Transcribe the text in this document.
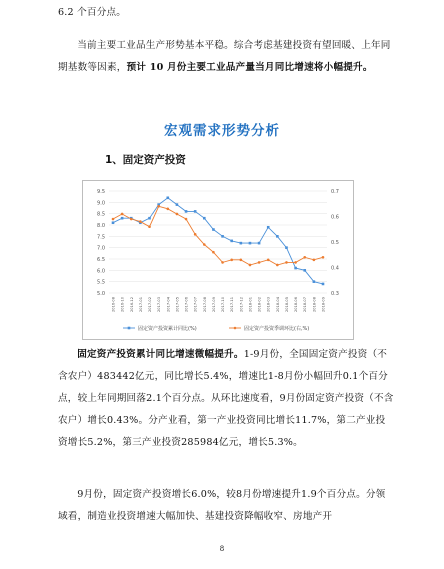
6.2 个百分点。
当前主要工业品生产形势基本平稳。综合考虑基建投资有望回暖、上年同期基数等因素，预计 10 月份主要工业品产量当月同比增速将小幅提升。
宏观需求形势分析
1、固定资产投资
9.5
9.0
8.5
8.0
7.5
7.0
6.5
6.0
5.5
5.0
0.7
0.6
0.5
0.4
0.3
2016-08 2016-10 2016-12 2017-01 2017-02 2017-03 2017-04 2017-05 2017-06 2017-07 2017-08 2017-09 2017-10 2017-11 2017-12 2018-01 2018-02 2018-03 2018-04 2018-05 2018-06 2018-07 2018-08 2018-09
固定资产投资累计同比(%)	固定资产投资季调环比(右,%)
固定资产投资累计同比增速微幅提升。1-9月份，全国固定资产投资（不含农户）483442亿元，同比增长5.4%，增速比1-8月份小幅回升0.1个百分点，较上年同期回落2.1个百分点。从环比速度看，9月份固定资产投资（不含农户）增长0.43%。分产业看，第一产业投资同比增长11.7%，第二产业投资增长5.2%，第三产业投资285984亿元，增长5.3%。
9月份，固定资产投资增长6.0%，较8月份增速提升1.9个百分点。分领域看，制造业投资增速大幅加快、基建投资降幅收窄、房地产开
8
